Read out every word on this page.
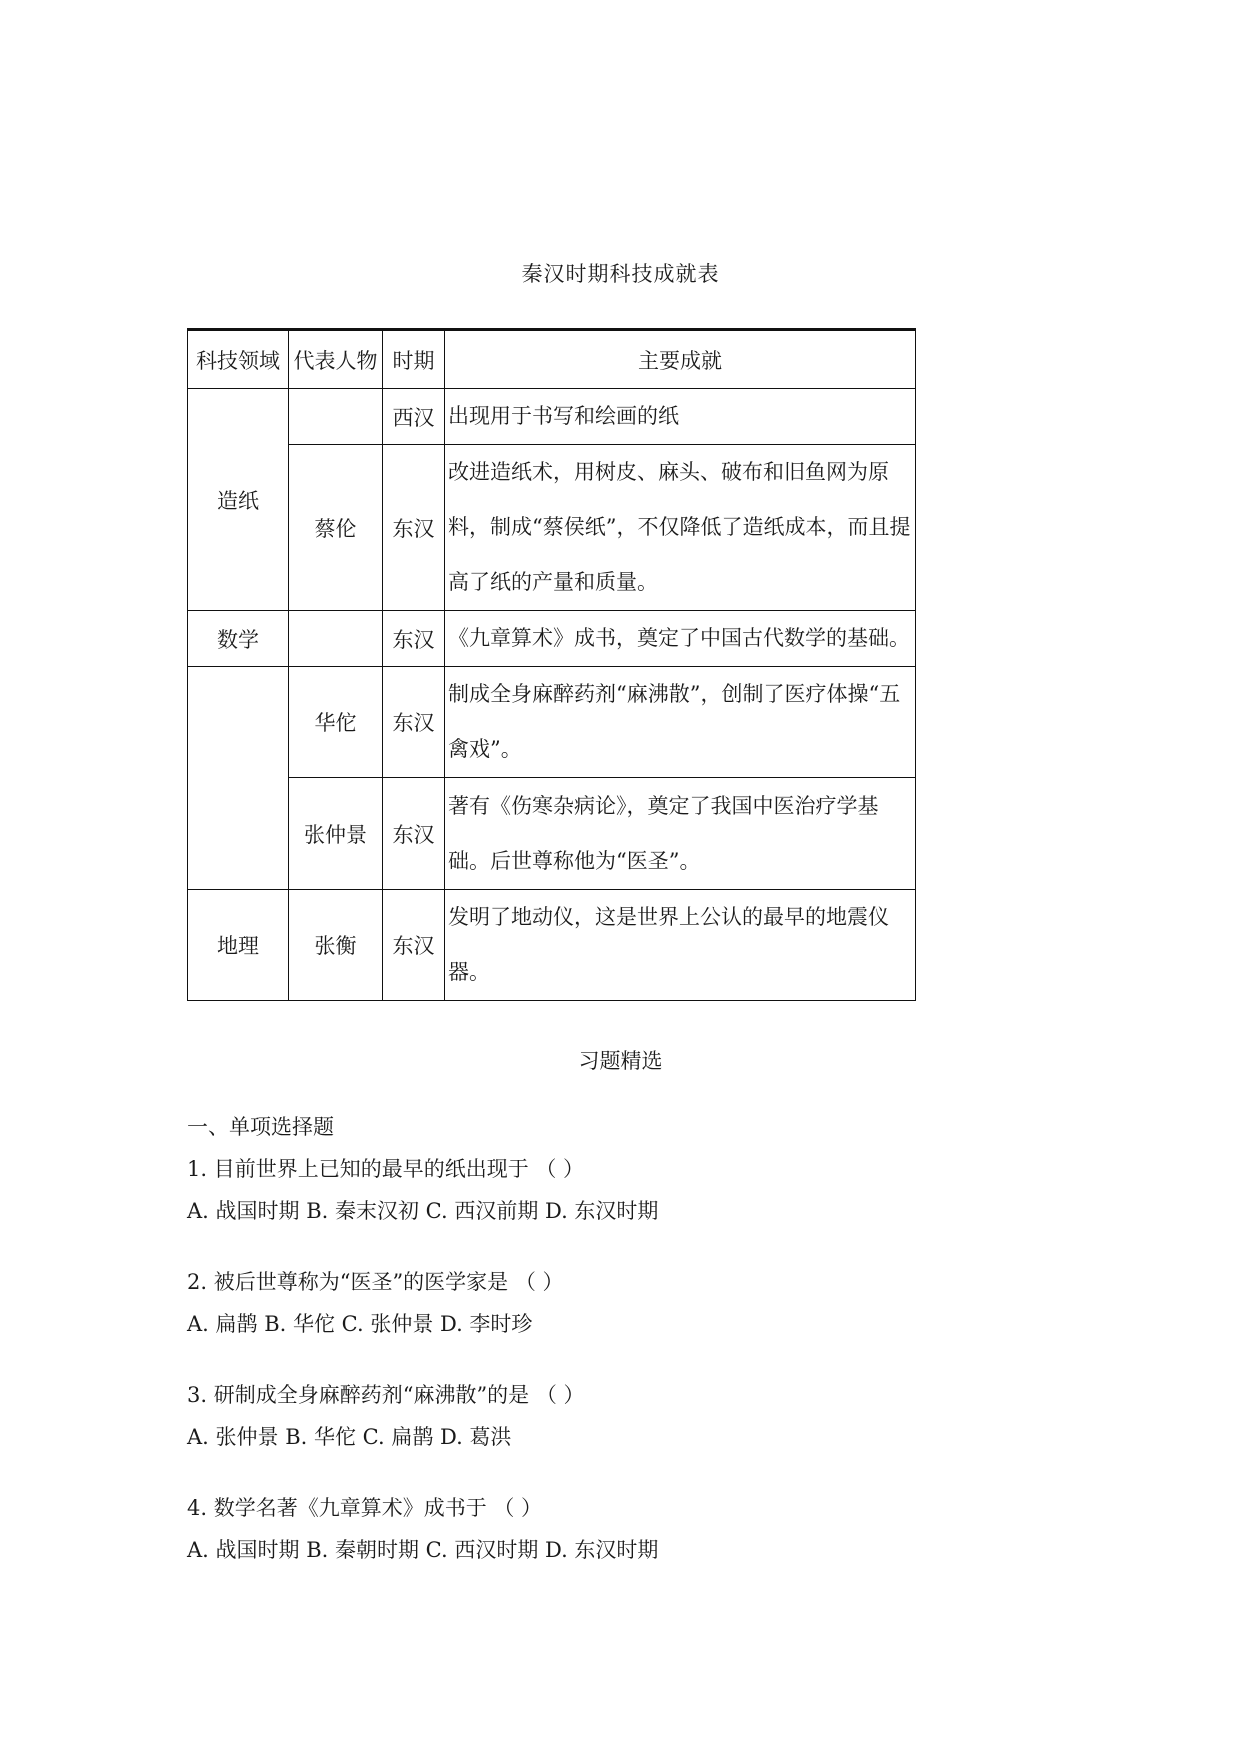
秦汉时期科技成就表
科技领域	代表人物	时期	主要成就
造纸		西汉	出现用于书写和绘画的纸
	蔡伦	东汉	改进造纸术，用树皮、麻头、破布和旧鱼网为原料，制成“蔡侯纸”，不仅降低了造纸成本，而且提高了纸的产量和质量。
数学		东汉	《九章算术》成书，奠定了中国古代数学的基础。
	华佗	东汉	制成全身麻醉药剂“麻沸散”，创制了医疗体操“五禽戏”。
	张仲景	东汉	著有《伤寒杂病论》，奠定了我国中医治疗学基础。后世尊称他为“医圣”。
地理	张衡	东汉	发明了地动仪，这是世界上公认的最早的地震仪器。
习题精选
一、单项选择题
1. 目前世界上已知的最早的纸出现于 （ ）
A. 战国时期 B. 秦末汉初 C. 西汉前期 D. 东汉时期
2. 被后世尊称为“医圣”的医学家是 （ ）
A. 扁鹊 B. 华佗 C. 张仲景 D. 李时珍
3. 研制成全身麻醉药剂“麻沸散”的是 （ ）
A. 张仲景 B. 华佗 C. 扁鹊 D. 葛洪
4. 数学名著《九章算术》成书于 （ ）
A. 战国时期 B. 秦朝时期 C. 西汉时期 D. 东汉时期
